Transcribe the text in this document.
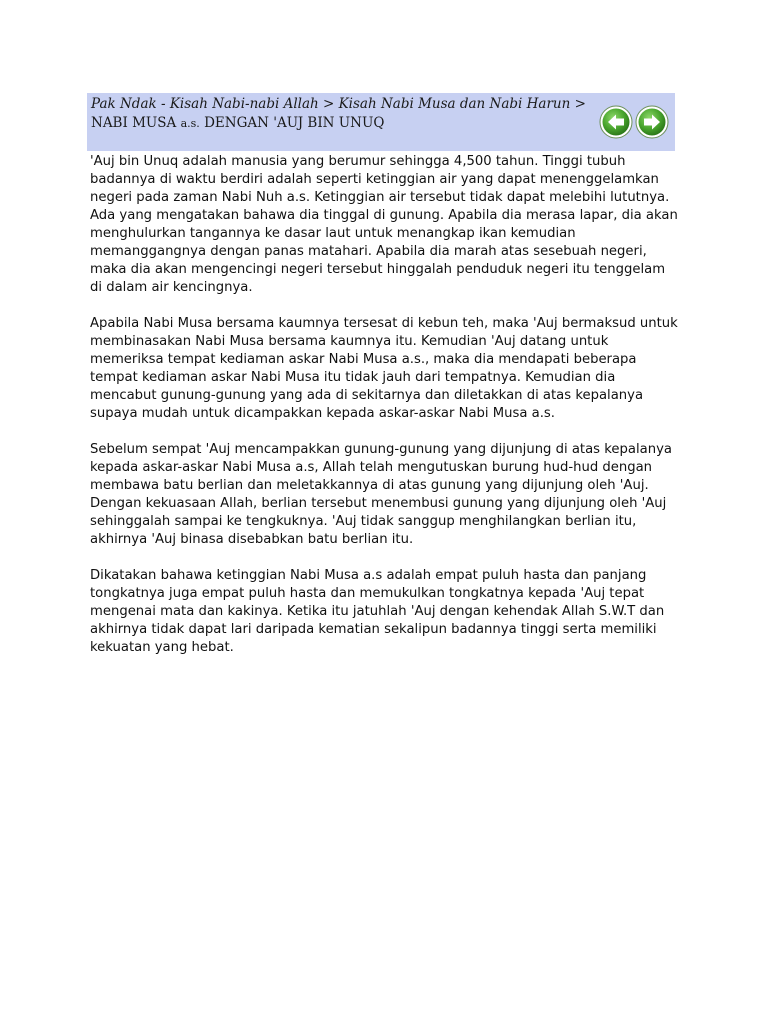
Pak Ndak - Kisah Nabi-nabi Allah > Kisah Nabi Musa dan Nabi Harun >
NABI MUSA a.s. DENGAN 'AUJ BIN UNUQ

'Auj bin Unuq adalah manusia yang berumur sehingga 4,500 tahun. Tinggi tubuh badannya di waktu berdiri adalah seperti ketinggian air yang dapat menenggelamkan negeri pada zaman Nabi Nuh a.s. Ketinggian air tersebut tidak dapat melebihi lututnya. Ada yang mengatakan bahawa dia tinggal di gunung. Apabila dia merasa lapar, dia akan menghulurkan tangannya ke dasar laut untuk menangkap ikan kemudian memanggangnya dengan panas matahari. Apabila dia marah atas sesebuah negeri, maka dia akan mengencingi negeri tersebut hinggalah penduduk negeri itu tenggelam di dalam air kencingnya.

Apabila Nabi Musa bersama kaumnya tersesat di kebun teh, maka 'Auj bermaksud untuk membinasakan Nabi Musa bersama kaumnya itu. Kemudian 'Auj datang untuk memeriksa tempat kediaman askar Nabi Musa a.s., maka dia mendapati beberapa tempat kediaman askar Nabi Musa itu tidak jauh dari tempatnya. Kemudian dia mencabut gunung-gunung yang ada di sekitarnya dan diletakkan di atas kepalanya supaya mudah untuk dicampakkan kepada askar-askar Nabi Musa a.s.

Sebelum sempat 'Auj mencampakkan gunung-gunung yang dijunjung di atas kepalanya kepada askar-askar Nabi Musa a.s, Allah telah mengutuskan burung hud-hud dengan membawa batu berlian dan meletakkannya di atas gunung yang dijunjung oleh 'Auj. Dengan kekuasaan Allah, berlian tersebut menembusi gunung yang dijunjung oleh 'Auj sehinggalah sampai ke tengkuknya. 'Auj tidak sanggup menghilangkan berlian itu, akhirnya 'Auj binasa disebabkan batu berlian itu.

Dikatakan bahawa ketinggian Nabi Musa a.s adalah empat puluh hasta dan panjang tongkatnya juga empat puluh hasta dan memukulkan tongkatnya kepada 'Auj tepat mengenai mata dan kakinya. Ketika itu jatuhlah 'Auj dengan kehendak Allah S.W.T dan akhirnya tidak dapat lari daripada kematian sekalipun badannya tinggi serta memiliki kekuatan yang hebat.
